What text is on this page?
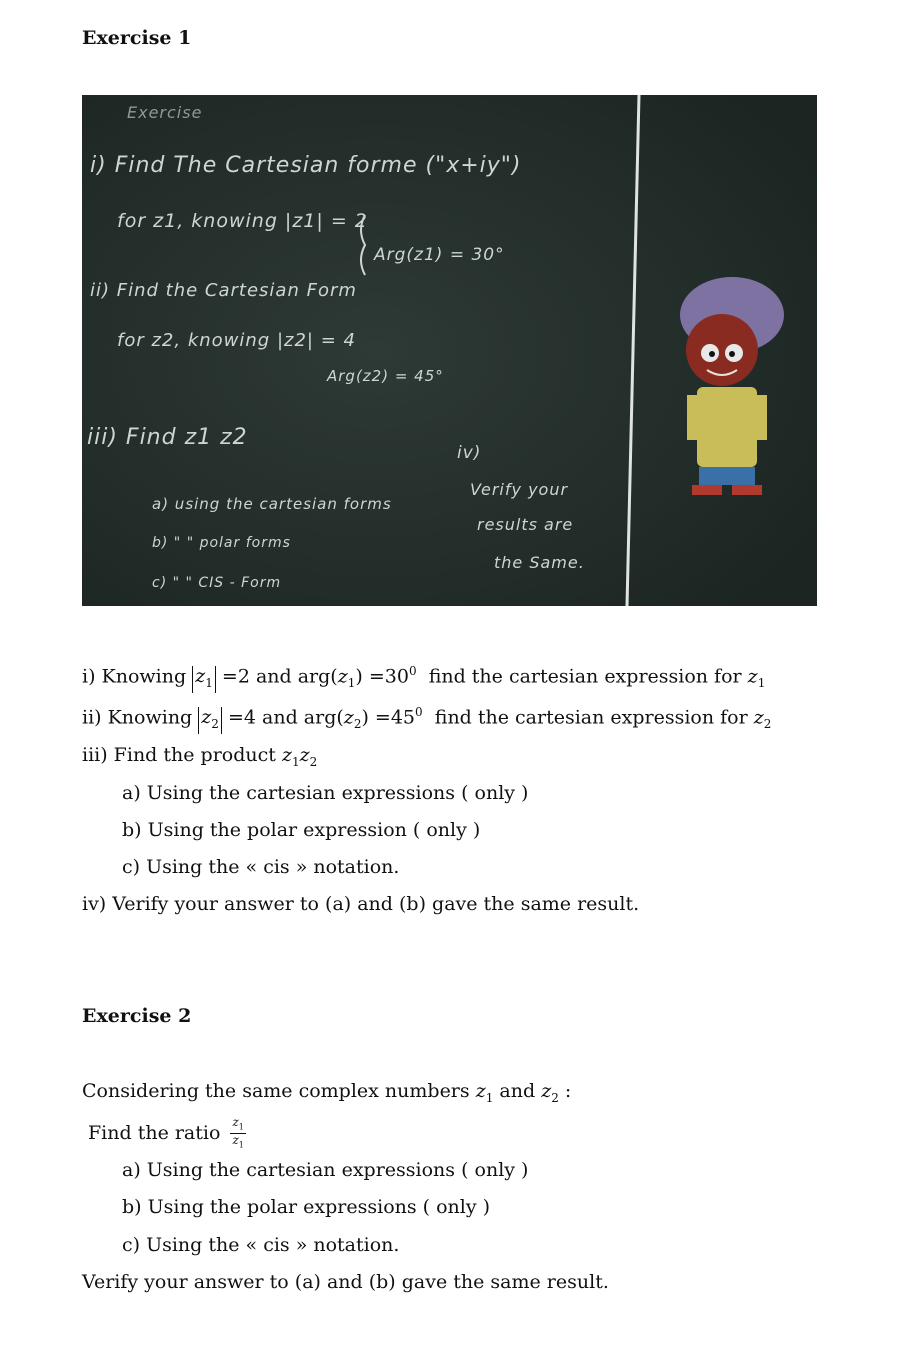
Exercise 1
Exercise
i) Find The Cartesian forme ("x+iy")
for z1, knowing |z1| = 2
Arg(z1) = 30°
ii) Find the Cartesian Form
for z2, knowing |z2| = 4
Arg(z2) = 45°
iii) Find z1 z2
a) using the cartesian forms
b) " " polar forms
c) " " CIS - Form
iv)
Verify your
results are
the Same.
i) Knowing $z_1 =2$ and $arg(z_1) =30^0$ find the cartesian expression for $z_1$
ii) Knowing $z_2 =4$ and $arg(z_2) =45^0$ find the cartesian expression for $z_2$
iii) Find the product $z_1z_2$
a) Using the cartesian expressions ( only )
b) Using the polar expression ( only )
c) Using the « cis » notation.
iv) Verify your answer to (a) and (b) gave the same result.
Exercise 2
Considering the same complex numbers $z_1$ and $z_2$ :
Find the ratio $\frac{z_1}{z_1}$
a) Using the cartesian expressions ( only )
b) Using the polar expressions ( only )
c) Using the « cis » notation.
Verify your answer to (a) and (b) gave the same result.
